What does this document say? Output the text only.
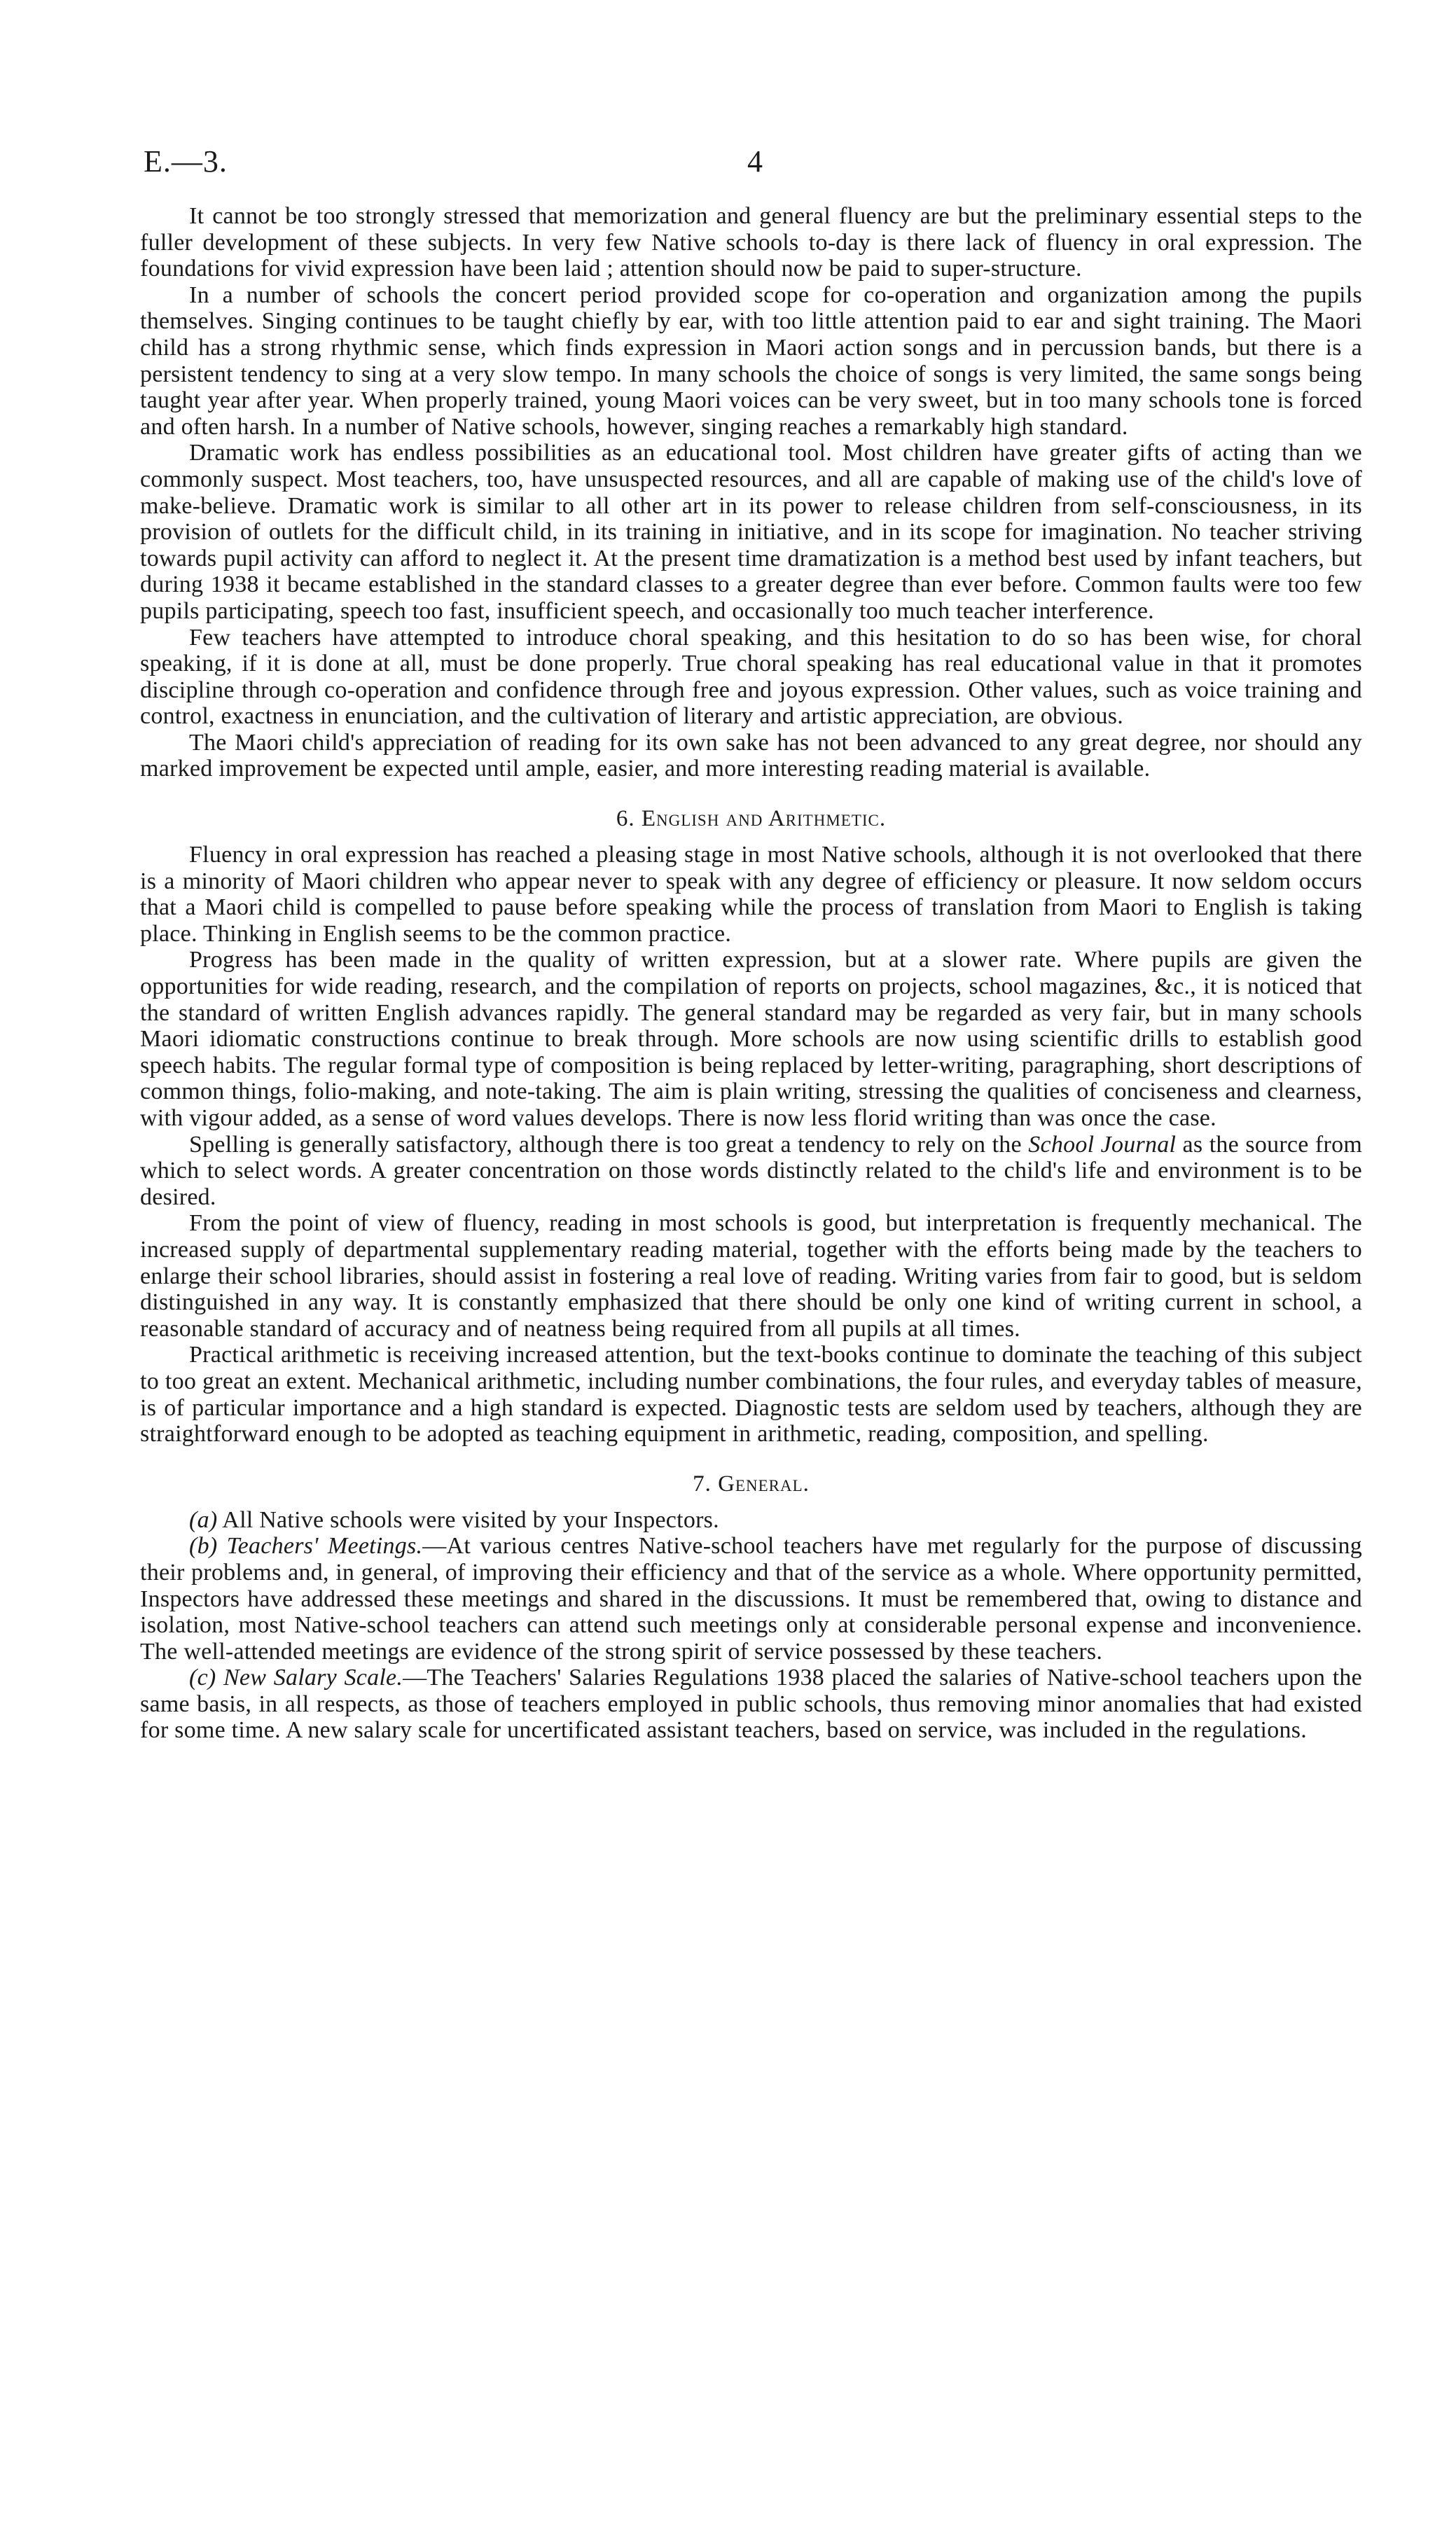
E.—3.	4

It cannot be too strongly stressed that memorization and general fluency are but the preliminary essential steps to the fuller development of these subjects. In very few Native schools to-day is there lack of fluency in oral expression. The foundations for vivid expression have been laid ; attention should now be paid to super-structure.

In a number of schools the concert period provided scope for co-operation and organization among the pupils themselves. Singing continues to be taught chiefly by ear, with too little attention paid to ear and sight training. The Maori child has a strong rhythmic sense, which finds expression in Maori action songs and in percussion bands, but there is a persistent tendency to sing at a very slow tempo. In many schools the choice of songs is very limited, the same songs being taught year after year. When properly trained, young Maori voices can be very sweet, but in too many schools tone is forced and often harsh. In a number of Native schools, however, singing reaches a remarkably high standard.

Dramatic work has endless possibilities as an educational tool. Most children have greater gifts of acting than we commonly suspect. Most teachers, too, have unsuspected resources, and all are capable of making use of the child's love of make-believe. Dramatic work is similar to all other art in its power to release children from self-consciousness, in its provision of outlets for the difficult child, in its training in initiative, and in its scope for imagination. No teacher striving towards pupil activity can afford to neglect it. At the present time dramatization is a method best used by infant teachers, but during 1938 it became established in the standard classes to a greater degree than ever before. Common faults were too few pupils participating, speech too fast, insufficient speech, and occasionally too much teacher interference.

Few teachers have attempted to introduce choral speaking, and this hesitation to do so has been wise, for choral speaking, if it is done at all, must be done properly. True choral speaking has real educational value in that it promotes discipline through co-operation and confidence through free and joyous expression. Other values, such as voice training and control, exactness in enunciation, and the cultivation of literary and artistic appreciation, are obvious.

The Maori child's appreciation of reading for its own sake has not been advanced to any great degree, nor should any marked improvement be expected until ample, easier, and more interesting reading material is available.

6. English and Arithmetic.

Fluency in oral expression has reached a pleasing stage in most Native schools, although it is not overlooked that there is a minority of Maori children who appear never to speak with any degree of efficiency or pleasure. It now seldom occurs that a Maori child is compelled to pause before speaking while the process of translation from Maori to English is taking place. Thinking in English seems to be the common practice.

Progress has been made in the quality of written expression, but at a slower rate. Where pupils are given the opportunities for wide reading, research, and the compilation of reports on projects, school magazines, &c., it is noticed that the standard of written English advances rapidly. The general standard may be regarded as very fair, but in many schools Maori idiomatic constructions continue to break through. More schools are now using scientific drills to establish good speech habits. The regular formal type of composition is being replaced by letter-writing, paragraphing, short descriptions of common things, folio-making, and note-taking. The aim is plain writing, stressing the qualities of conciseness and clearness, with vigour added, as a sense of word values develops. There is now less florid writing than was once the case.

Spelling is generally satisfactory, although there is too great a tendency to rely on the School Journal as the source from which to select words. A greater concentration on those words distinctly related to the child's life and environment is to be desired.

From the point of view of fluency, reading in most schools is good, but interpretation is frequently mechanical. The increased supply of departmental supplementary reading material, together with the efforts being made by the teachers to enlarge their school libraries, should assist in fostering a real love of reading. Writing varies from fair to good, but is seldom distinguished in any way. It is constantly emphasized that there should be only one kind of writing current in school, a reasonable standard of accuracy and of neatness being required from all pupils at all times.

Practical arithmetic is receiving increased attention, but the text-books continue to dominate the teaching of this subject to too great an extent. Mechanical arithmetic, including number combinations, the four rules, and everyday tables of measure, is of particular importance and a high standard is expected. Diagnostic tests are seldom used by teachers, although they are straightforward enough to be adopted as teaching equipment in arithmetic, reading, composition, and spelling.

7. General.

(a) All Native schools were visited by your Inspectors.

(b) Teachers' Meetings.—At various centres Native-school teachers have met regularly for the purpose of discussing their problems and, in general, of improving their efficiency and that of the service as a whole. Where opportunity permitted, Inspectors have addressed these meetings and shared in the discussions. It must be remembered that, owing to distance and isolation, most Native-school teachers can attend such meetings only at considerable personal expense and inconvenience. The well-attended meetings are evidence of the strong spirit of service possessed by these teachers.

(c) New Salary Scale.—The Teachers' Salaries Regulations 1938 placed the salaries of Native-school teachers upon the same basis, in all respects, as those of teachers employed in public schools, thus removing minor anomalies that had existed for some time. A new salary scale for uncertificated assistant teachers, based on service, was included in the regulations.
